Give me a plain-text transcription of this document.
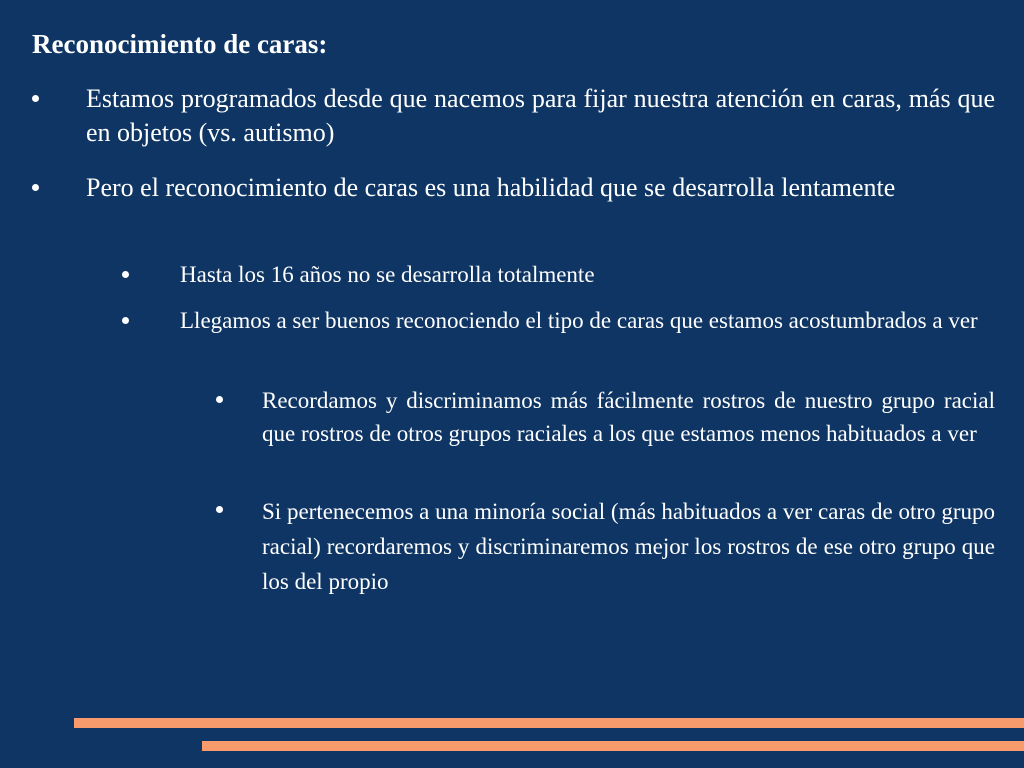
Reconocimiento de caras:

Estamos programados desde que nacemos para fijar nuestra atención en caras, más que en objetos (vs. autismo)

Pero el reconocimiento de caras es una habilidad que se desarrolla lentamente

Hasta los 16 años no se desarrolla totalmente

Llegamos a ser buenos reconociendo el tipo de caras que estamos acostumbrados a ver

Recordamos y discriminamos más fácilmente rostros de nuestro grupo racial que rostros de otros grupos raciales a los que estamos menos habituados a ver

Si pertenecemos a una minoría social (más habituados a ver caras de otro grupo racial) recordaremos y discriminaremos mejor los rostros de ese otro grupo que los del propio
